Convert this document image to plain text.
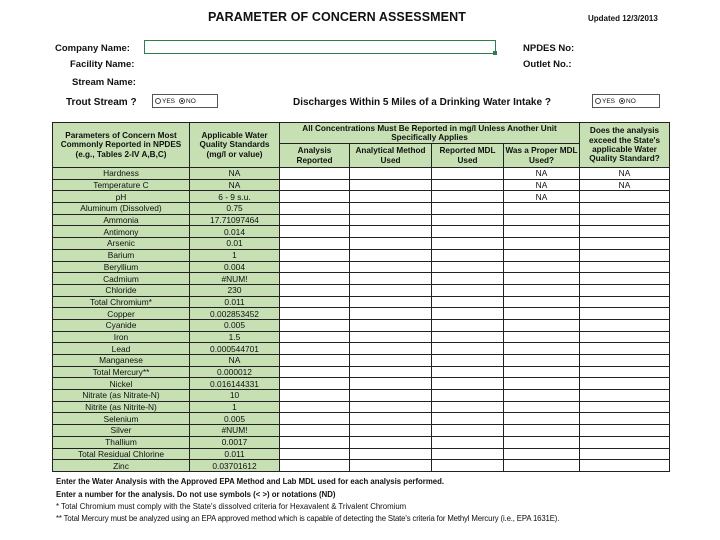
PARAMETER OF CONCERN ASSESSMENT	Updated 12/3/2013
Company Name:
Facility Name:
Stream Name:
NPDES No:
Outlet No.:
Trout Stream ?	YES NO	Discharges Within 5 Miles of a Drinking Water Intake ?	YES NO
Parameters of Concern Most Commonly Reported in NPDES (e.g., Tables 2-IV A,B,C)	Applicable Water Quality Standards (mg/l or value)	All Concentrations Must Be Reported in mg/l Unless Another Unit Specifically Applies				Does the analysis exceed the State's applicable Water Quality Standard?
		Analysis Reported	Analytical Method Used	Reported MDL Used	Was a Proper MDL Used?	
Hardness	NA				NA	NA
Temperature C	NA				NA	NA
pH	6 - 9 s.u.				NA	
Aluminum (Dissolved)	0.75					
Ammonia	17.71097464					
Antimony	0.014					
Arsenic	0.01					
Barium	1					
Beryllium	0.004					
Cadmium	#NUM!					
Chloride	230					
Total Chromium*	0.011					
Copper	0.002853452					
Cyanide	0.005					
Iron	1.5					
Lead	0.000544701					
Manganese	NA					
Total Mercury**	0.000012					
Nickel	0.016144331					
Nitrate (as Nitrate-N)	10					
Nitrite (as Nitrite-N)	1					
Selenium	0.005					
Silver	#NUM!					
Thallium	0.0017					
Total Residual Chlorine	0.011					
Zinc	0.03701612					
Enter the Water Analysis with the Approved EPA Method and Lab MDL used for each analysis performed.
Enter a number for the analysis. Do not use symbols (< >) or notations (ND)
* Total Chromium must comply with the State's dissolved criteria for Hexavalent & Trivalent Chromium
** Total Mercury must be analyzed using an EPA approved method which is capable of detecting the State's criteria for Methyl Mercury (i.e., EPA 1631E).
